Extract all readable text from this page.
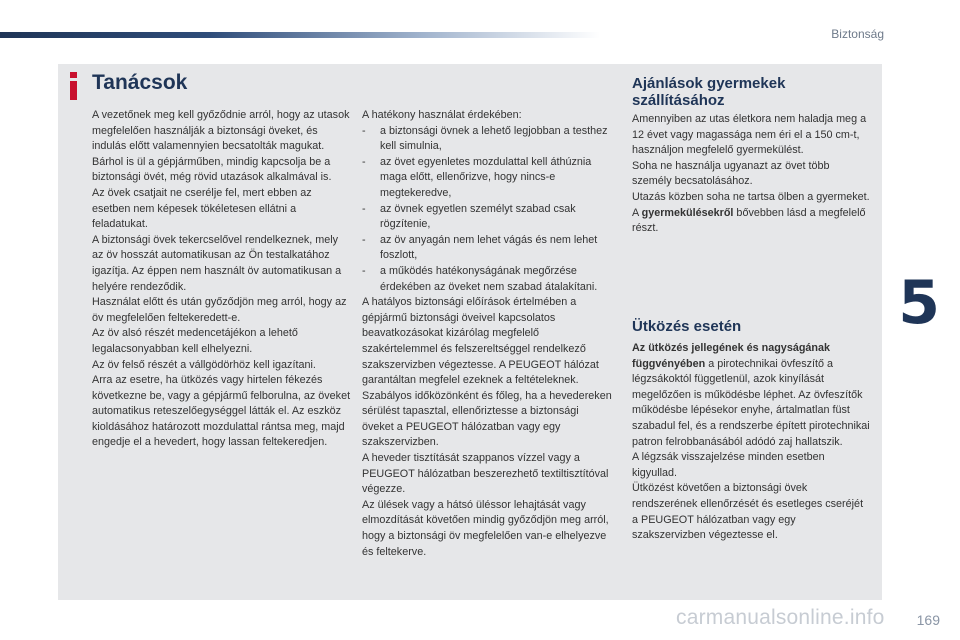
Biztonság
5
Tanácsok

A vezetőnek meg kell győződnie arról, hogy az utasok megfelelően használják a biztonsági öveket, és indulás előtt valamennyien becsatolták magukat.

Bárhol is ül a gépjárműben, mindig kapcsolja be a biztonsági övét, még rövid utazások alkalmával is.

Az övek csatjait ne cserélje fel, mert ebben az esetben nem képesek tökéletesen ellátni a feladatukat.

A biztonsági övek tekercselővel rendelkeznek, mely az öv hosszát automatikusan az Ön testalkatához igazítja. Az éppen nem használt öv automatikusan a helyére rendeződik.

Használat előtt és után győződjön meg arról, hogy az öv megfelelően feltekeredett-e.

Az öv alsó részét medencetájékon a lehető legalacsonyabban kell elhelyezni.

Az öv felső részét a vállgödörhöz kell igazítani.

Arra az esetre, ha ütközés vagy hirtelen fékezés következne be, vagy a gépjármű felborulna, az öveket automatikus reteszelőegységgel látták el. Az eszköz kioldásához határozott mozdulattal rántsa meg, majd engedje el a hevedert, hogy lassan feltekeredjen.

A hatékony használat érdekében:

- a biztonsági övnek a lehető legjobban a testhez kell simulnia,
- az övet egyenletes mozdulattal kell áthúznia maga előtt, ellenőrizve, hogy nincs-e megtekeredve,
- az övnek egyetlen személyt szabad csak rögzítenie,
- az öv anyagán nem lehet vágás és nem lehet foszlott,
- a működés hatékonyságának megőrzése érdekében az öveket nem szabad átalakítani.

A hatályos biztonsági előírások értelmében a gépjármű biztonsági öveivel kapcsolatos beavatkozásokat kizárólag megfelelő szakértelemmel és felszereltséggel rendelkező szakszervizben végeztesse. A PEUGEOT hálózat garantáltan megfelel ezeknek a feltételeknek.

Szabályos időközönként és főleg, ha a hevedereken sérülést tapasztal, ellenőriztesse a biztonsági öveket a PEUGEOT hálózatban vagy egy szakszervizben.

A heveder tisztítását szappanos vízzel vagy a PEUGEOT hálózatban beszerezhető textiltisztítóval végezze.

Az ülések vagy a hátsó üléssor lehajtását vagy elmozdítását követően mindig győződjön meg arról, hogy a biztonsági öv megfelelően van-e elhelyezve és feltekerve.

Ajánlások gyermekek szállításához

Amennyiben az utas életkora nem haladja meg a 12 évet vagy magassága nem éri el a 150 cm-t, használjon megfelelő gyermekülést.

Soha ne használja ugyanazt az övet több személy becsatolásához.

Utazás közben soha ne tartsa ölben a gyermeket.

A gyermekülésekről bővebben lásd a megfelelő részt.

Ütközés esetén

Az ütközés jellegének és nagyságának függvényében a pirotechnikai övfeszítő a légzsákoktól függetlenül, azok kinyílását megelőzően is működésbe léphet. Az övfeszítők működésbe lépésekor enyhe, ártalmatlan füst szabadul fel, és a rendszerbe épített pirotechnikai patron felrobbanásából adódó zaj hallatszik.

A légzsák visszajelzése minden esetben kigyullad.

Ütközést követően a biztonsági övek rendszerének ellenőrzését és esetleges cseréjét a PEUGEOT hálózatban vagy egy szakszervizben végeztesse el.

carmanualsonline.info 169
